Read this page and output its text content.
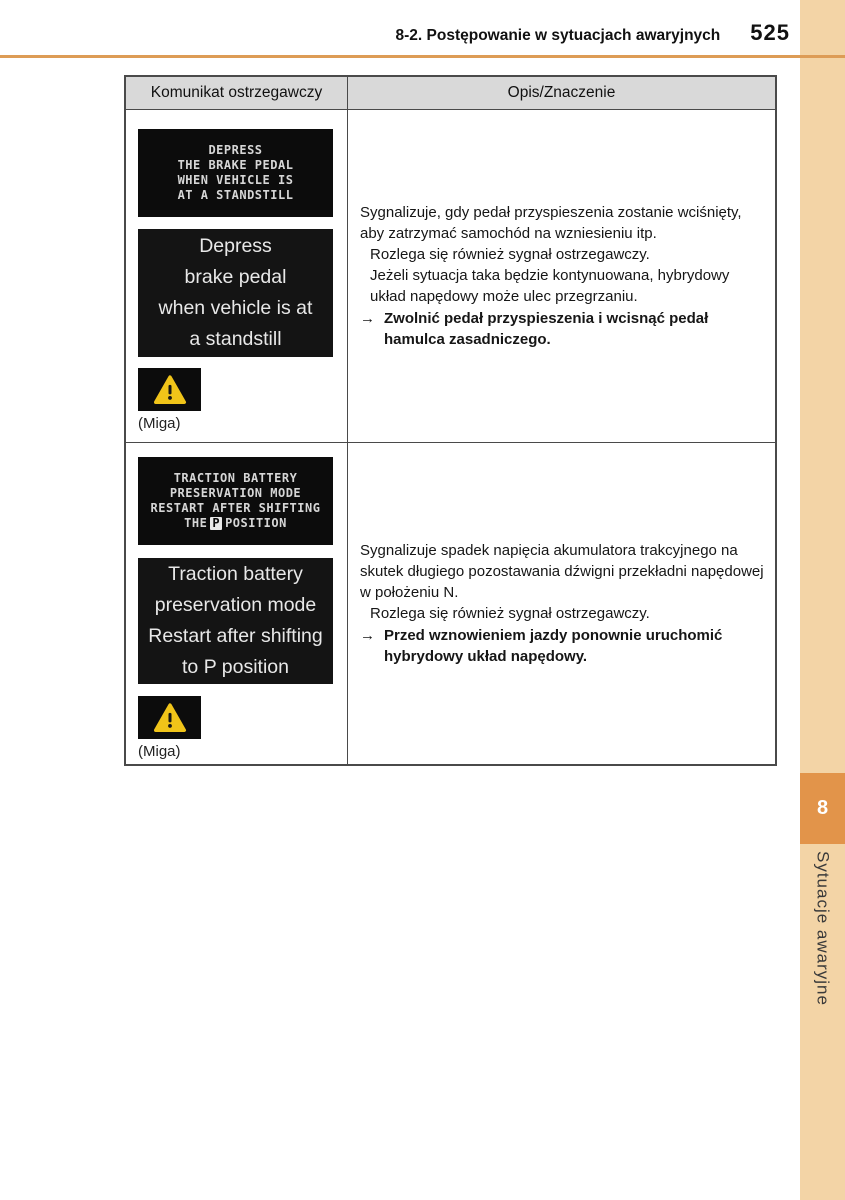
8
Sytuacje awaryjne
8-2. Postępowanie w sytuacjach awaryjnych 525
Komunikat ostrzegawczy	Opis/Znaczenie
DEPRESS
THE BRAKE PEDAL
WHEN VEHICLE IS
AT A STANDSTILL
Depress
brake pedal
when vehicle is at
a standstill
(Miga)

Sygnalizuje, gdy pedał przyspieszenia zostanie wciśnięty, aby zatrzymać samochód na wzniesieniu itp.

Rozlega się również sygnał ostrzegawczy.

Jeżeli sytuacja taka będzie kontynuowana, hybrydowy układ napędowy może ulec przegrzaniu.

→ Zwolnić pedał przyspieszenia i wcisnąć pedał hamulca zasadniczego.
TRACTION BATTERY
PRESERVATION MODE
RESTART AFTER SHIFTING
THE P POSITION
Traction battery
preservation mode
Restart after shifting
to P position
(Miga)

Sygnalizuje spadek napięcia akumulatora trakcyjnego na skutek długiego pozostawania dźwigni przekładni napędowej w położeniu N.

Rozlega się również sygnał ostrzegawczy.

→ Przed wznowieniem jazdy ponownie uruchomić hybrydowy układ napędowy.
